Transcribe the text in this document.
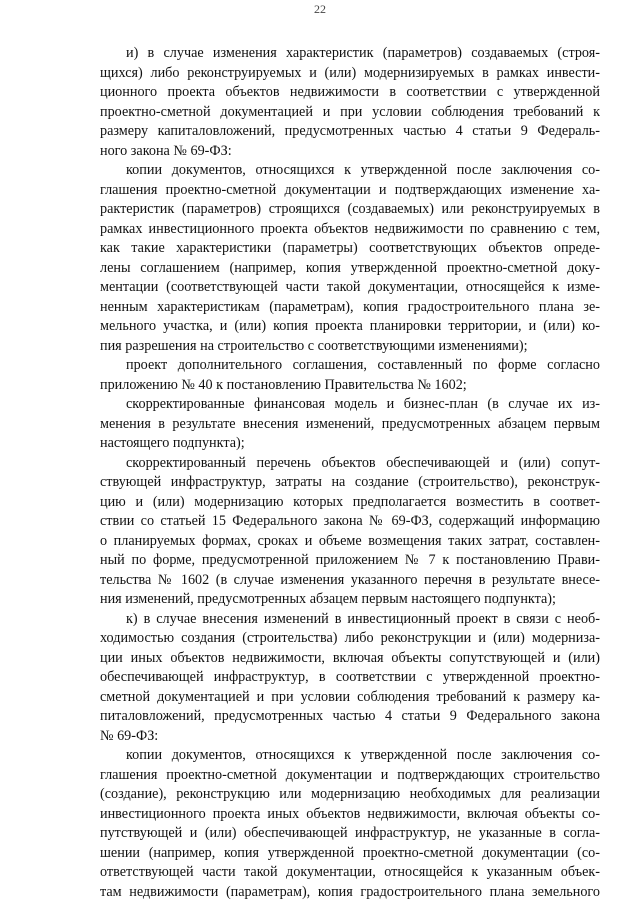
22
и) в случае изменения характеристик (параметров) создаваемых (строя-
щихся) либо реконструируемых и (или) модернизируемых в рамках инвести-
ционного проекта объектов недвижимости в соответствии с утвержденной
проектно-сметной документацией и при условии соблюдения требований к
размеру капиталовложений, предусмотренных частью 4 статьи 9 Федераль-
ного закона № 69-ФЗ:
копии документов, относящихся к утвержденной после заключения со-
глашения проектно-сметной документации и подтверждающих изменение ха-
рактеристик (параметров) строящихся (создаваемых) или реконструируемых в
рамках инвестиционного проекта объектов недвижимости по сравнению с тем,
как такие характеристики (параметры) соответствующих объектов опреде-
лены соглашением (например, копия утвержденной проектно-сметной доку-
ментации (соответствующей части такой документации, относящейся к изме-
ненным характеристикам (параметрам), копия градостроительного плана зе-
мельного участка, и (или) копия проекта планировки территории, и (или) ко-
пия разрешения на строительство с соответствующими изменениями);
проект дополнительного соглашения, составленный по форме согласно
приложению № 40 к постановлению Правительства № 1602;
скорректированные финансовая модель и бизнес-план (в случае их из-
менения в результате внесения изменений, предусмотренных абзацем первым
настоящего подпункта);
скорректированный перечень объектов обеспечивающей и (или) сопут-
ствующей инфраструктур, затраты на создание (строительство), реконструк-
цию и (или) модернизацию которых предполагается возместить в соответ-
ствии со статьей 15 Федерального закона № 69-ФЗ, содержащий информацию
о планируемых формах, сроках и объеме возмещения таких затрат, составлен-
ный по форме, предусмотренной приложением № 7 к постановлению Прави-
тельства № 1602 (в случае изменения указанного перечня в результате внесе-
ния изменений, предусмотренных абзацем первым настоящего подпункта);
к) в случае внесения изменений в инвестиционный проект в связи с необ-
ходимостью создания (строительства) либо реконструкции и (или) модерниза-
ции иных объектов недвижимости, включая объекты сопутствующей и (или)
обеспечивающей инфраструктур, в соответствии с утвержденной проектно-
сметной документацией и при условии соблюдения требований к размеру ка-
питаловложений, предусмотренных частью 4 статьи 9 Федерального закона
№ 69-ФЗ:
копии документов, относящихся к утвержденной после заключения со-
глашения проектно-сметной документации и подтверждающих строительство
(создание), реконструкцию или модернизацию необходимых для реализации
инвестиционного проекта иных объектов недвижимости, включая объекты со-
путствующей и (или) обеспечивающей инфраструктур, не указанные в согла-
шении (например, копия утвержденной проектно-сметной документации (со-
ответствующей части такой документации, относящейся к указанным объек-
там недвижимости (параметрам), копия градостроительного плана земельного
